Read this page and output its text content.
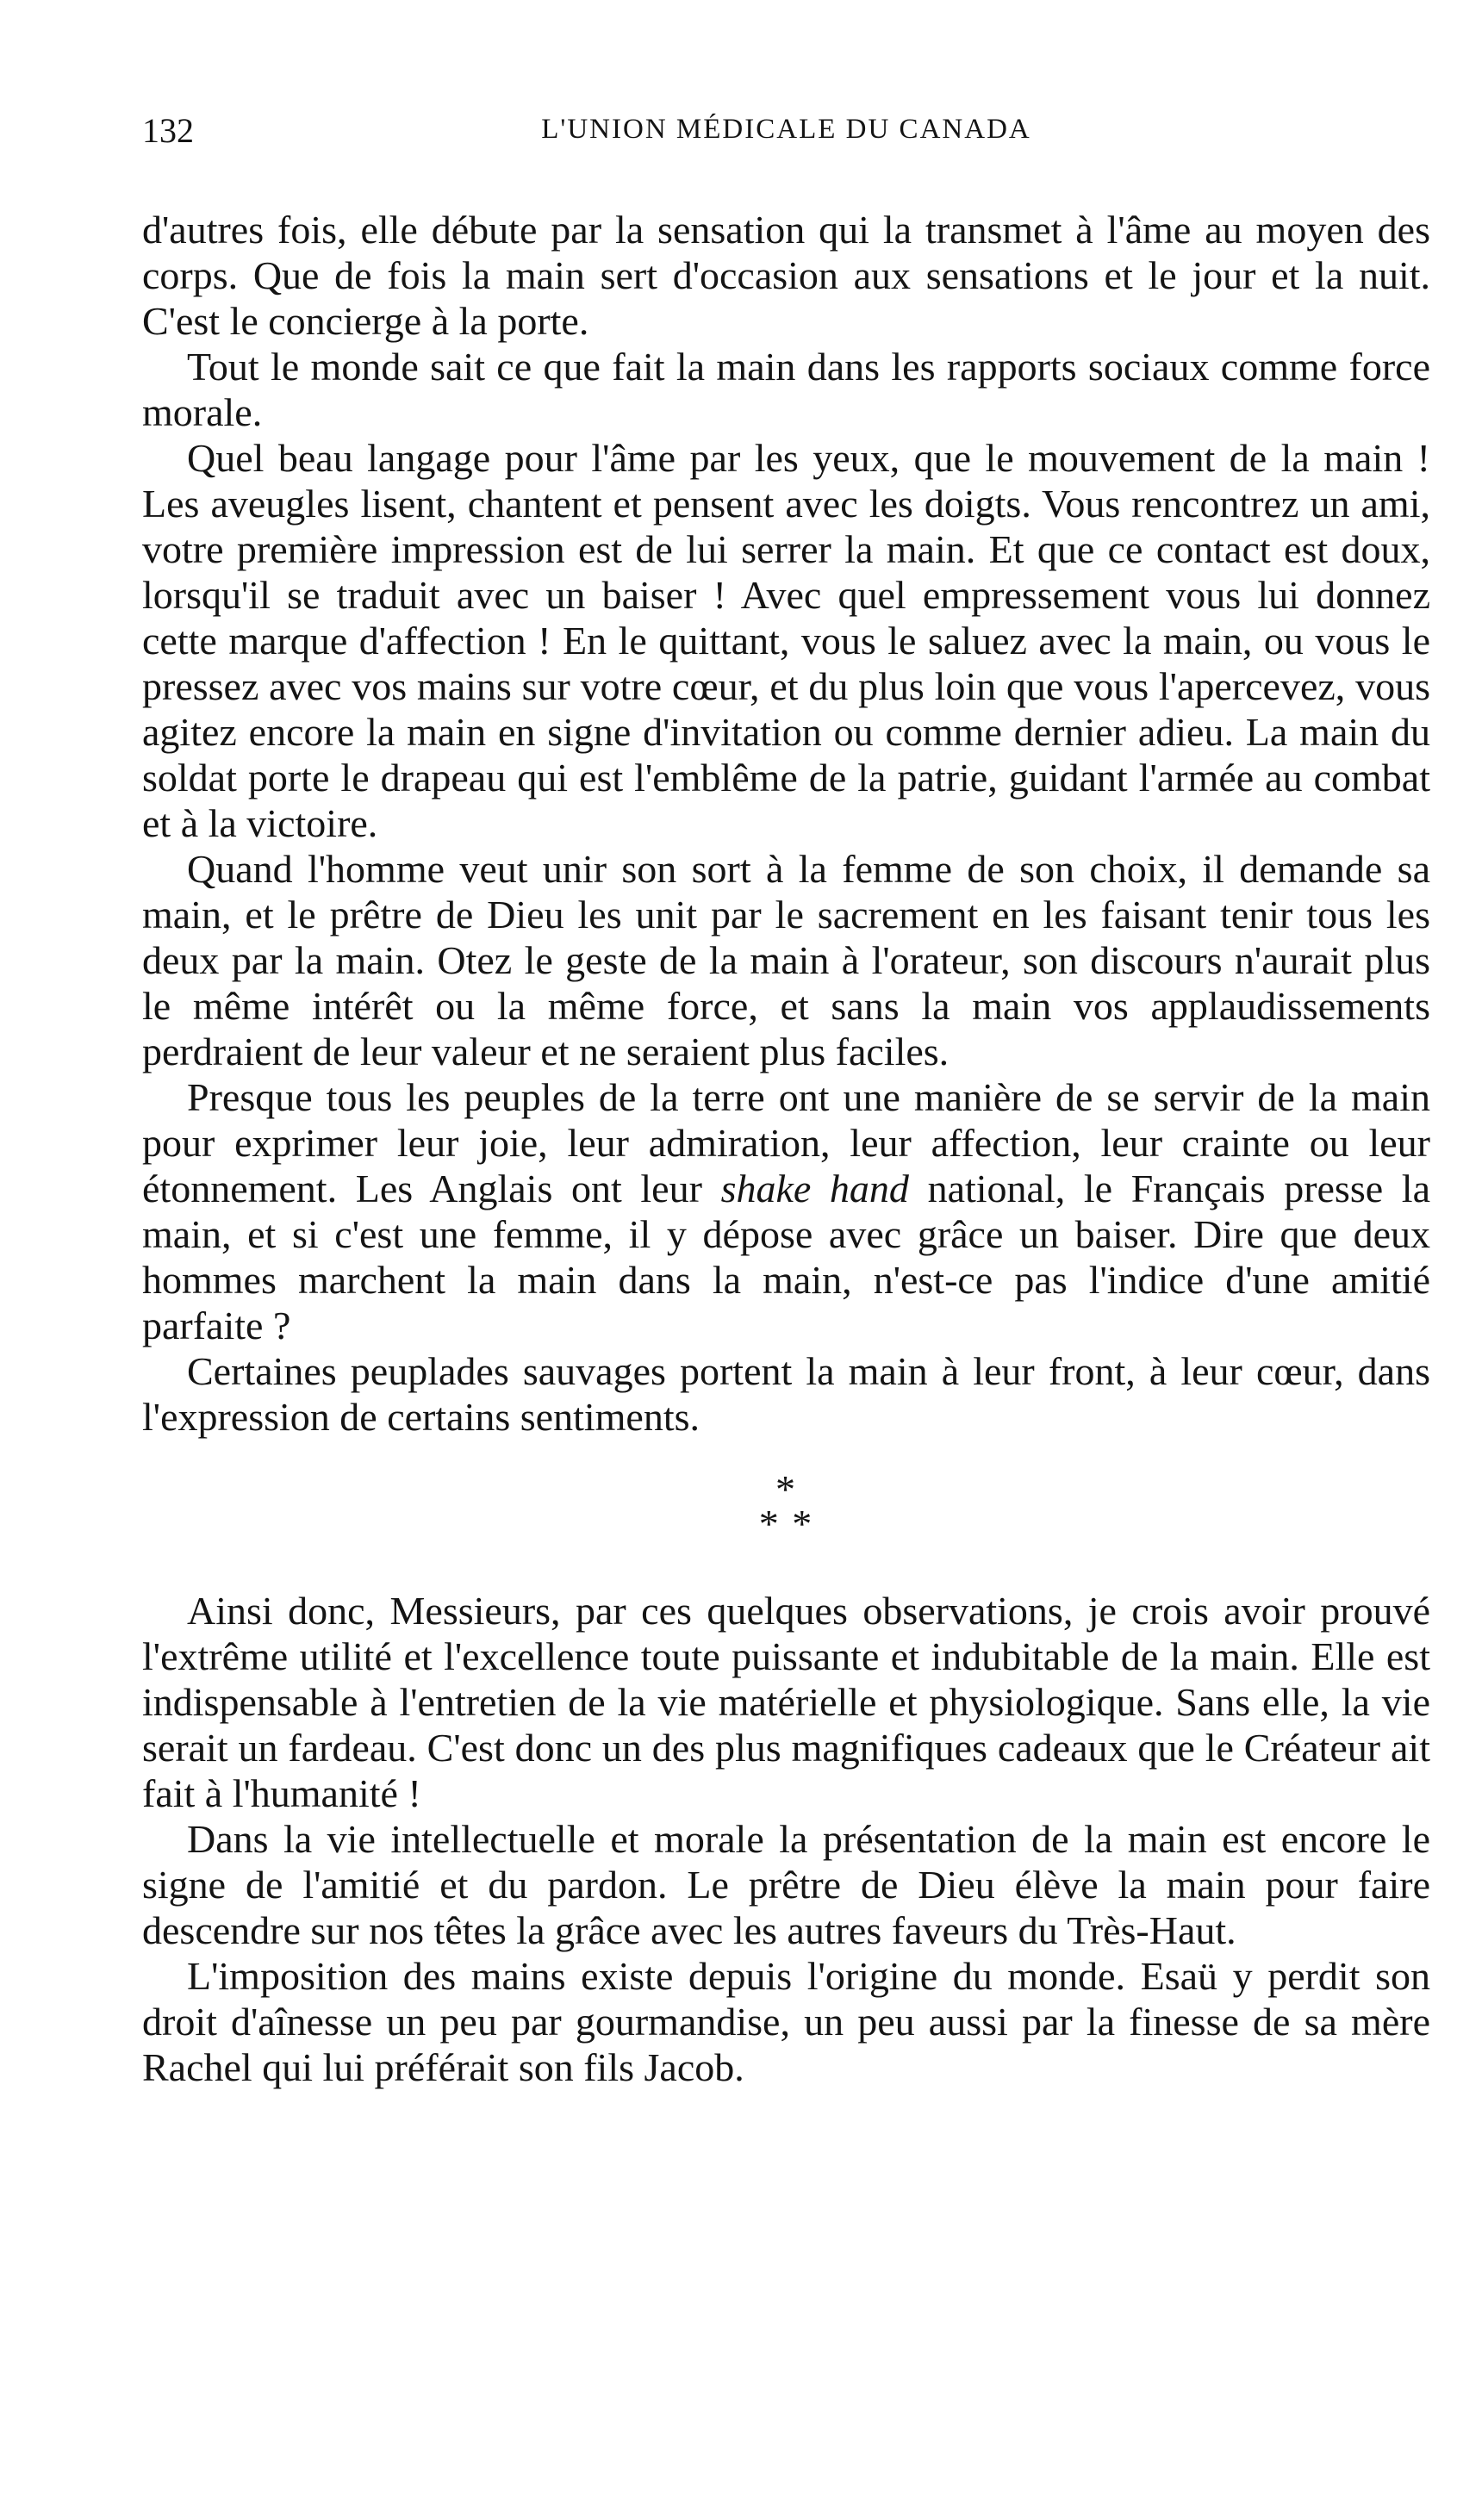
132	L'UNION MÉDICALE DU CANADA

d'autres fois, elle débute par la sensation qui la transmet à l'âme au moyen des corps. Que de fois la main sert d'occasion aux sensations et le jour et la nuit. C'est le concierge à la porte.

Tout le monde sait ce que fait la main dans les rapports sociaux comme force morale.

Quel beau langage pour l'âme par les yeux, que le mouvement de la main ! Les aveugles lisent, chantent et pensent avec les doigts. Vous rencontrez un ami, votre première impression est de lui serrer la main. Et que ce contact est doux, lorsqu'il se traduit avec un baiser ! Avec quel empressement vous lui donnez cette marque d'affection ! En le quittant, vous le saluez avec la main, ou vous le pressez avec vos mains sur votre cœur, et du plus loin que vous l'apercevez, vous agitez encore la main en signe d'invitation ou comme dernier adieu. La main du soldat porte le drapeau qui est l'emblême de la patrie, guidant l'armée au combat et à la victoire.

Quand l'homme veut unir son sort à la femme de son choix, il demande sa main, et le prêtre de Dieu les unit par le sacrement en les faisant tenir tous les deux par la main. Otez le geste de la main à l'orateur, son discours n'aurait plus le même intérêt ou la même force, et sans la main vos applaudissements perdraient de leur valeur et ne seraient plus faciles.

Presque tous les peuples de la terre ont une manière de se servir de la main pour exprimer leur joie, leur admiration, leur affection, leur crainte ou leur étonnement. Les Anglais ont leur shake hand national, le Français presse la main, et si c'est une femme, il y dépose avec grâce un baiser. Dire que deux hommes marchent la main dans la main, n'est-ce pas l'indice d'une amitié parfaite ?

Certaines peuplades sauvages portent la main à leur front, à leur cœur, dans l'expression de certains sentiments.

*
* *

Ainsi donc, Messieurs, par ces quelques observations, je crois avoir prouvé l'extrême utilité et l'excellence toute puissante et indubitable de la main. Elle est indispensable à l'entretien de la vie matérielle et physiologique. Sans elle, la vie serait un fardeau. C'est donc un des plus magnifiques cadeaux que le Créateur ait fait à l'humanité !

Dans la vie intellectuelle et morale la présentation de la main est encore le signe de l'amitié et du pardon. Le prêtre de Dieu élève la main pour faire descendre sur nos têtes la grâce avec les autres faveurs du Très-Haut.

L'imposition des mains existe depuis l'origine du monde. Esaü y perdit son droit d'aînesse un peu par gourmandise, un peu aussi par la finesse de sa mère Rachel qui lui préférait son fils Jacob.
